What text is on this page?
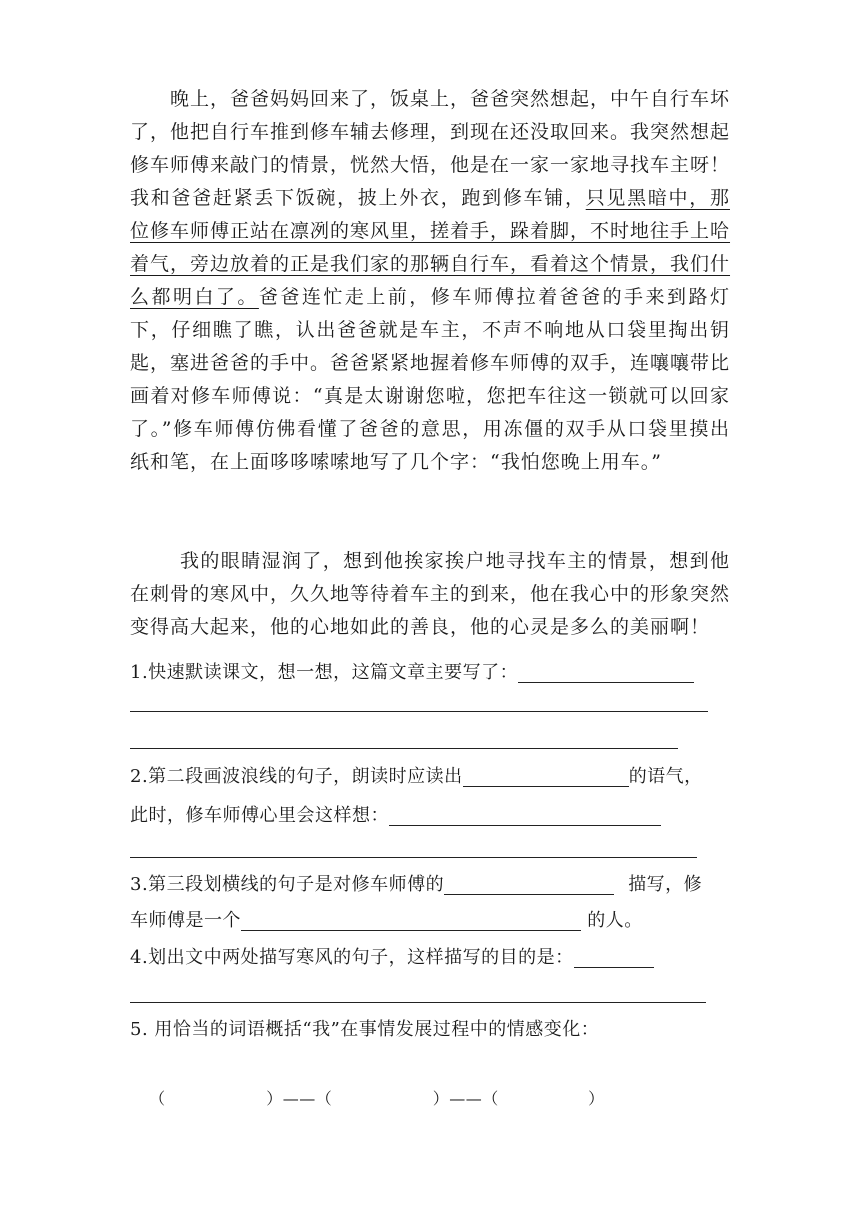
晚上，爸爸妈妈回来了，饭桌上，爸爸突然想起，中午自行车坏了，他把自行车推到修车辅去修理，到现在还没取回来。我突然想起修车师傅来敲门的情景，恍然大悟，他是在一家一家地寻找车主呀！我和爸爸赶紧丢下饭碗，披上外衣，跑到修车铺，只见黑暗中，那位修车师傅正站在凛冽的寒风里，搓着手，跺着脚，不时地往手上哈着气，旁边放着的正是我们家的那辆自行车，看着这个情景，我们什么都明白了。爸爸连忙走上前，修车师傅拉着爸爸的手来到路灯下，仔细瞧了瞧，认出爸爸就是车主，不声不响地从口袋里掏出钥匙，塞进爸爸的手中。爸爸紧紧地握着修车师傅的双手，连嚷嚷带比画着对修车师傅说：“真是太谢谢您啦，您把车往这一锁就可以回家了。”修车师傅仿佛看懂了爸爸的意思，用冻僵的双手从口袋里摸出纸和笔，在上面哆哆嗦嗦地写了几个字：“我怕您晚上用车。”
我的眼睛湿润了，想到他挨家挨户地寻找车主的情景，想到他在刺骨的寒风中，久久地等待着车主的到来，他在我心中的形象突然变得高大起来，他的心地如此的善良，他的心灵是多么的美丽啊！
1.快速默读课文，想一想，这篇文章主要写了：
2.第二段画波浪线的句子，朗读时应读出	的语气，
此时，修车师傅心里会这样想：
3.第三段划横线的句子是对修车师傅的	描写，修
车师傅是一个	的人。
4.划出文中两处描写寒风的句子，这样描写的目的是：
5. 用恰当的词语概括“我”在事情发展过程中的情感变化：

（                  ）——（                  ）——（                ）
